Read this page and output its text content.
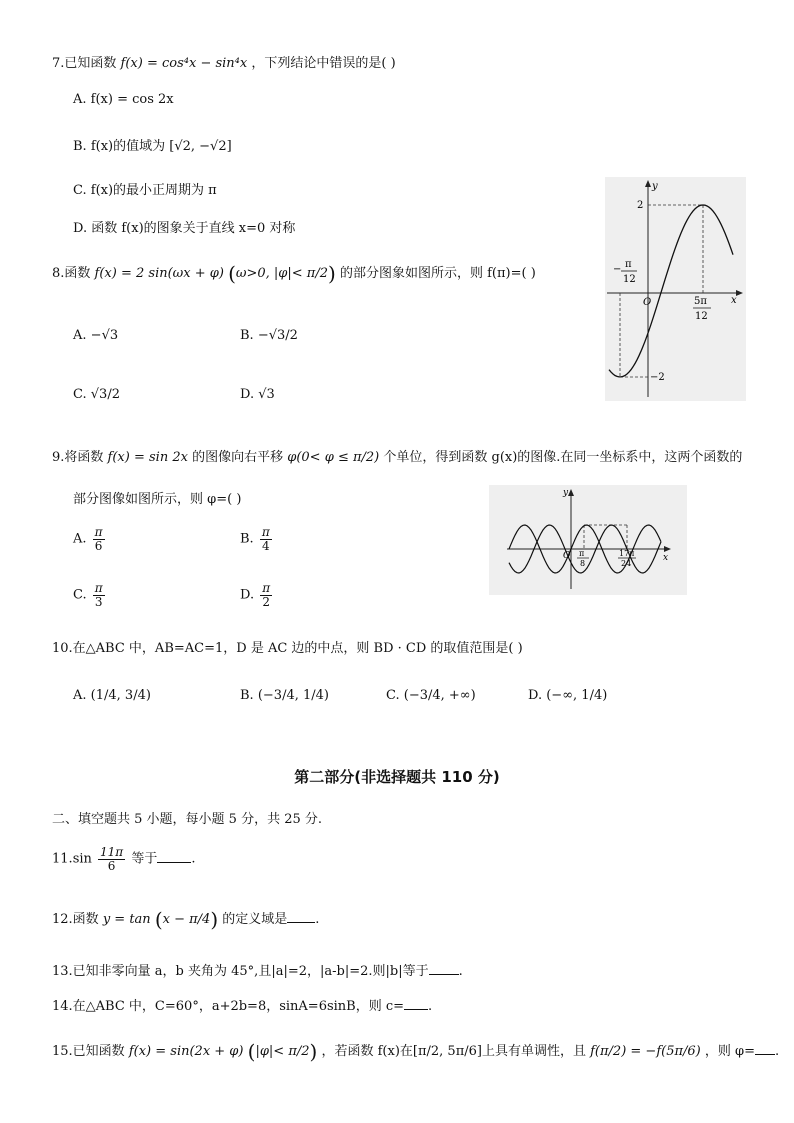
7.已知函数 f(x) = cos⁴x − sin⁴x ，下列结论中错误的是( )
A. f(x) = cos 2x
B. f(x)的值域为 [√2, −√2]
C. f(x)的最小正周期为 π
D. 函数 f(x)的图象关于直线 x=0 对称
8.函数 f(x) = 2 sin(ωx + φ) (ω>0, |φ|< π/2) 的部分图象如图所示，则 f(π)=( )
A. −√3	B. −√3/2
C. √3/2	D. √3
y
x
O
2
−2
− π
12
5π
12
9.将函数 f(x) = sin 2x 的图像向右平移 φ(0< φ ≤ π/2) 个单位，得到函数 g(x)的图像.在同一坐标系中，这两个函数的
部分图像如图所示，则 φ=( )
A. $\frac{\pi}{6}$	B. $\frac{\pi}{4}$
C. $\frac{\pi}{3}$	D. $\frac{\pi}{2}$
y
x
O π
8
17π
24
10.在△ABC 中，AB=AC=1，D 是 AC 边的中点，则 BD · CD 的取值范围是( )
A. (1/4, 3/4)	B. (−3/4, 1/4)	C. (−3/4, +∞)	D. (−∞, 1/4)
第二部分(非选择题共 110 分)
二、填空题共 5 小题，每小题 5 分，共 25 分.
$11.\sin \frac{11\pi}{6}$ 等于	.
12.函数 y = tan (x − π/4) 的定义域是 .
13.已知非零向量 a，b 夹角为 45°,且|a|=2，|a-b|=2.则|b|等于 .
14.在△ABC 中，C=60°，a+2b=8，sinA=6sinB，则 c= .
15.已知函数 f(x) = sin(2x + φ) (|φ|< π/2) ，若函数 f(x)在[π/2, 5π/6]上具有单调性，且 f(π/2) = −f(5π/6) ，则 φ= .
